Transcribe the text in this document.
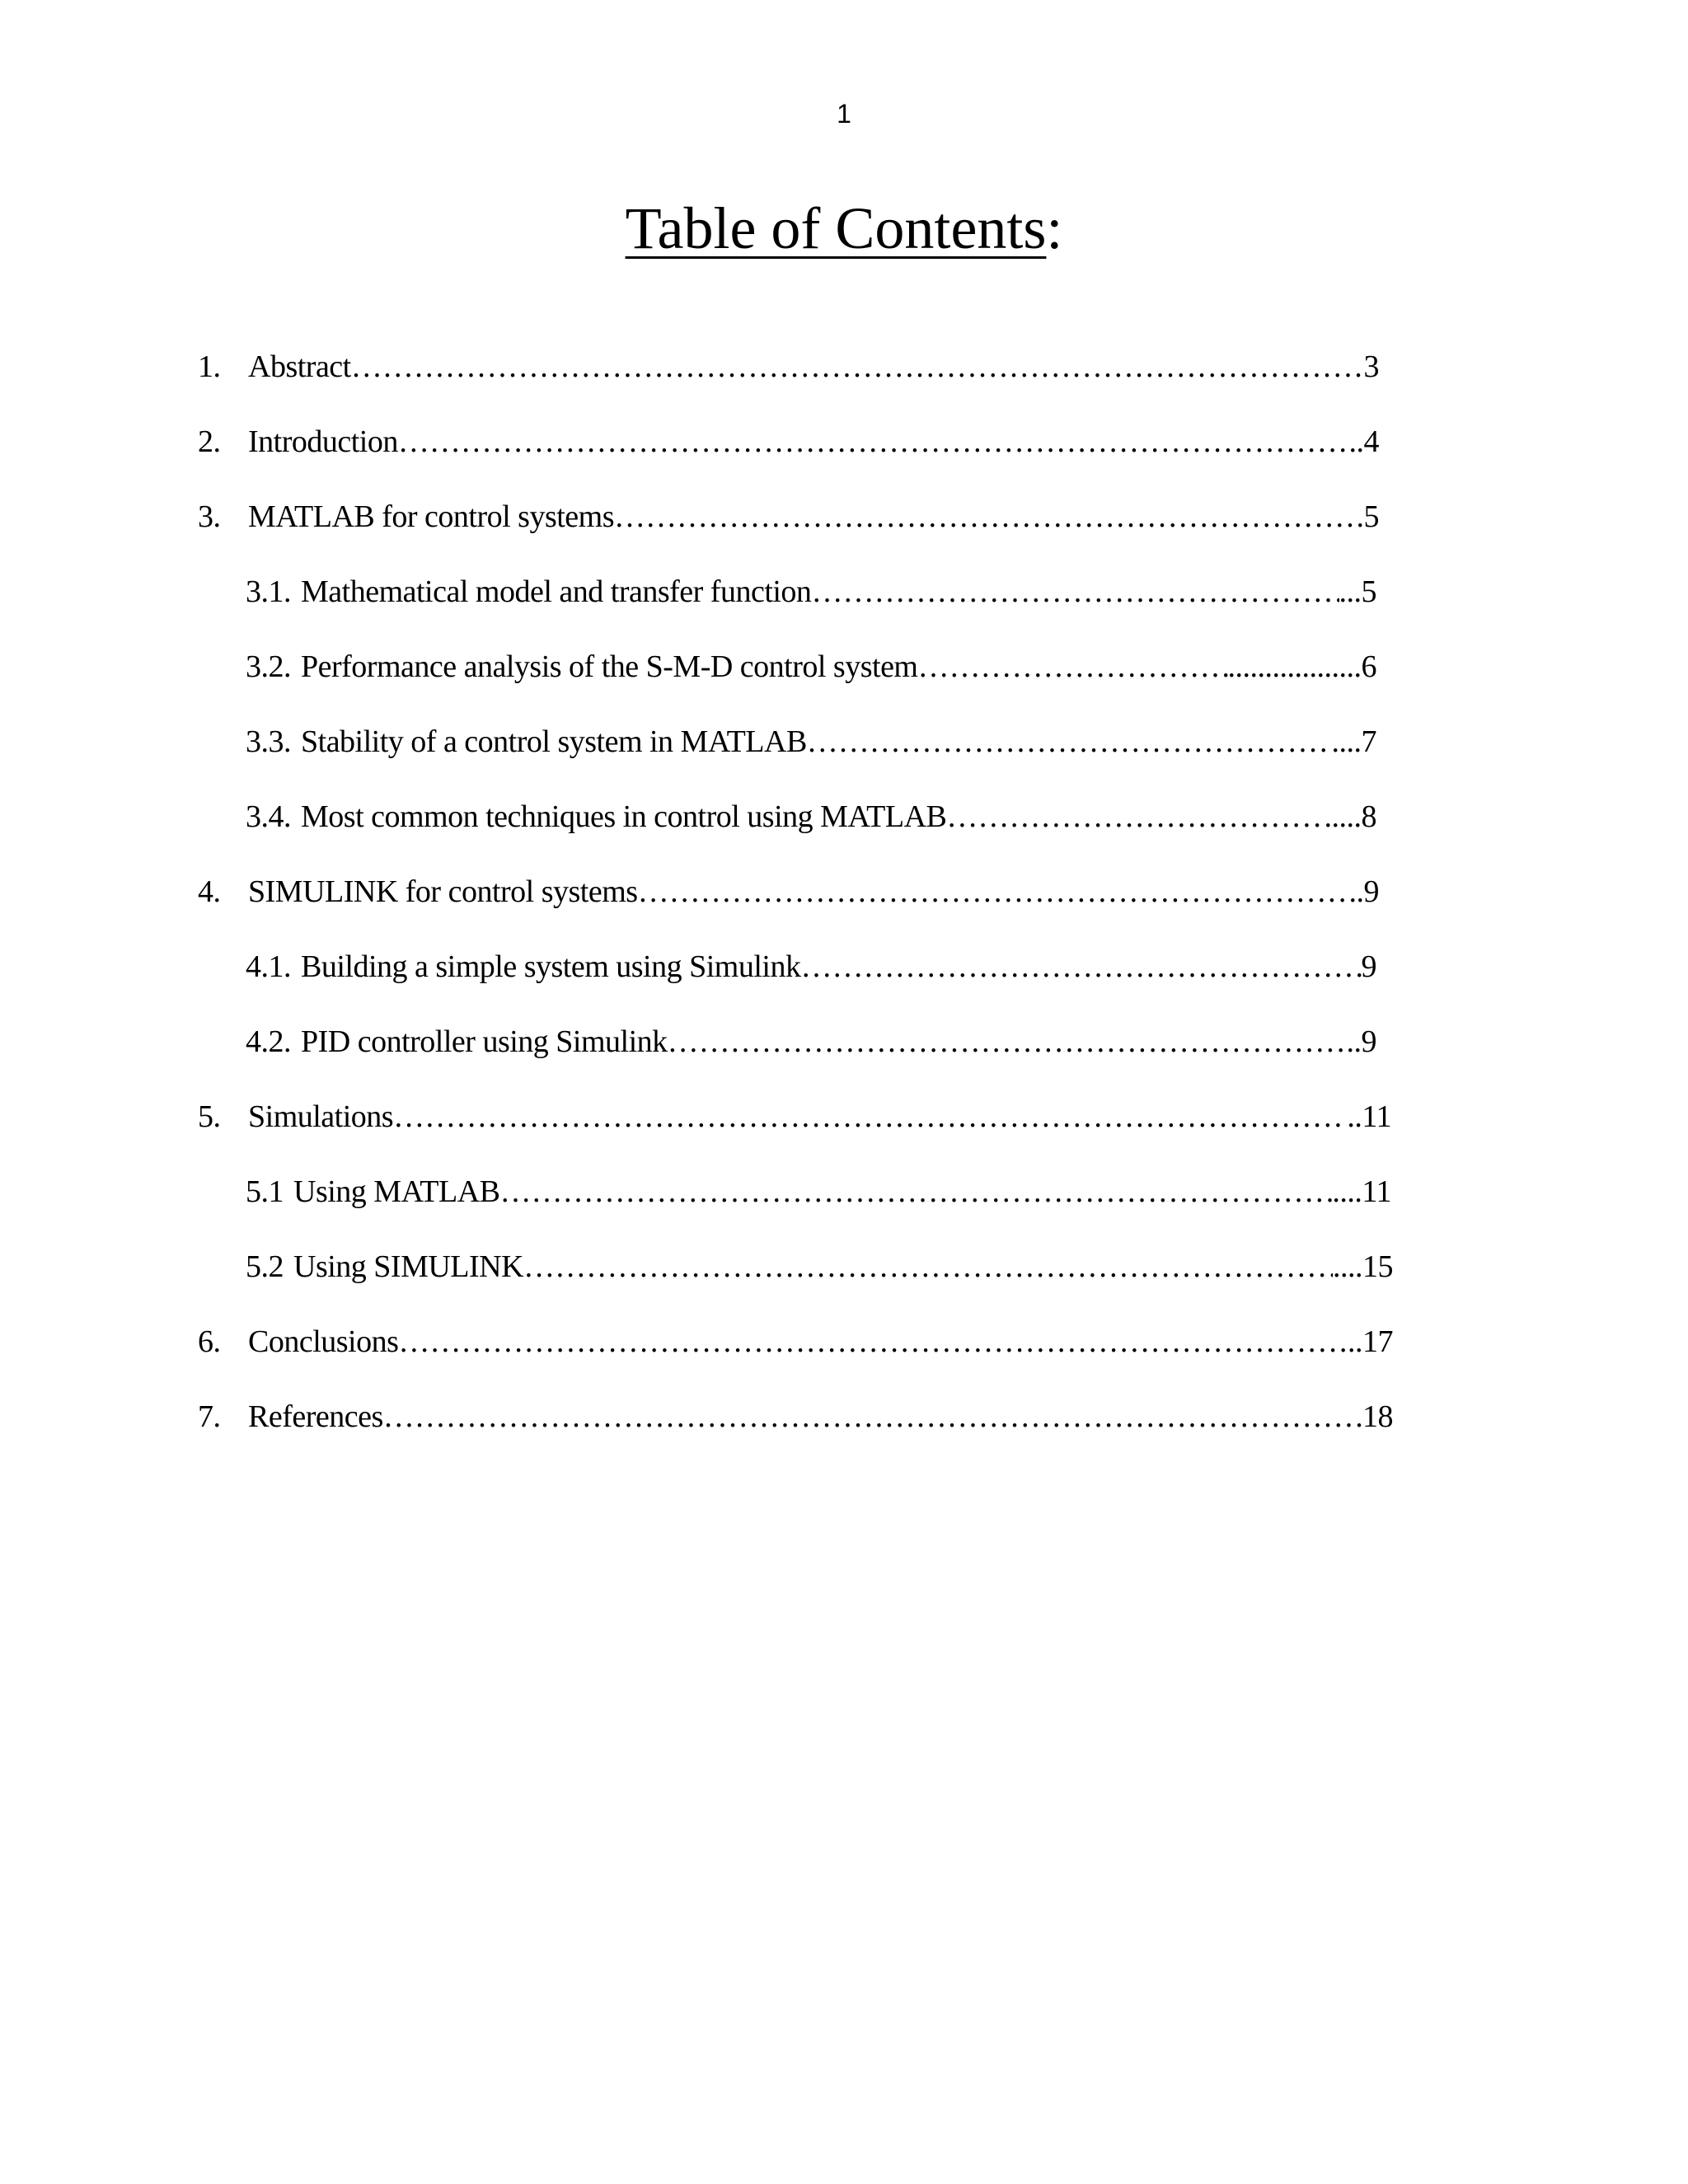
1
Table of Contents:
1. Abstract ……………………………………………………………………………………………………………………………………………………………………………………	3
2. Introduction ……………………………………………………………………………………………………………………………………………………………………………………	..4
3. MATLAB for control systems ……………………………………………………………………………………………………………………………………………………………………………………	.5
3.1. Mathematical model and transfer function ……………………………………………………………………………………………………………………………………………………………………………………	...5
3.2. Performance analysis of the S-M-D control system ……………………………………………………………………………………………………………………………………………………………………………………	..................6
3.3. Stability of a control system in MATLAB ……………………………………………………………………………………………………………………………………………………………………………………	....7
3.4. Most common techniques in control using MATLAB ……………………………………………………………………………………………………………………………………………………………………………………	.....8
4. SIMULINK for control systems ……………………………………………………………………………………………………………………………………………………………………………………	..9
4.1. Building a simple system using Simulink ……………………………………………………………………………………………………………………………………………………………………………………	9
4.2. PID controller using Simulink ……………………………………………………………………………………………………………………………………………………………………………………	..9
5. Simulations ……………………………………………………………………………………………………………………………………………………………………………………	..11
5.1 Using MATLAB ……………………………………………………………………………………………………………………………………………………………………………………	....11
5.2 Using SIMULINK ……………………………………………………………………………………………………………………………………………………………………………………	....15
6. Conclusions ……………………………………………………………………………………………………………………………………………………………………………………	..17
7. References ……………………………………………………………………………………………………………………………………………………………………………………	18
